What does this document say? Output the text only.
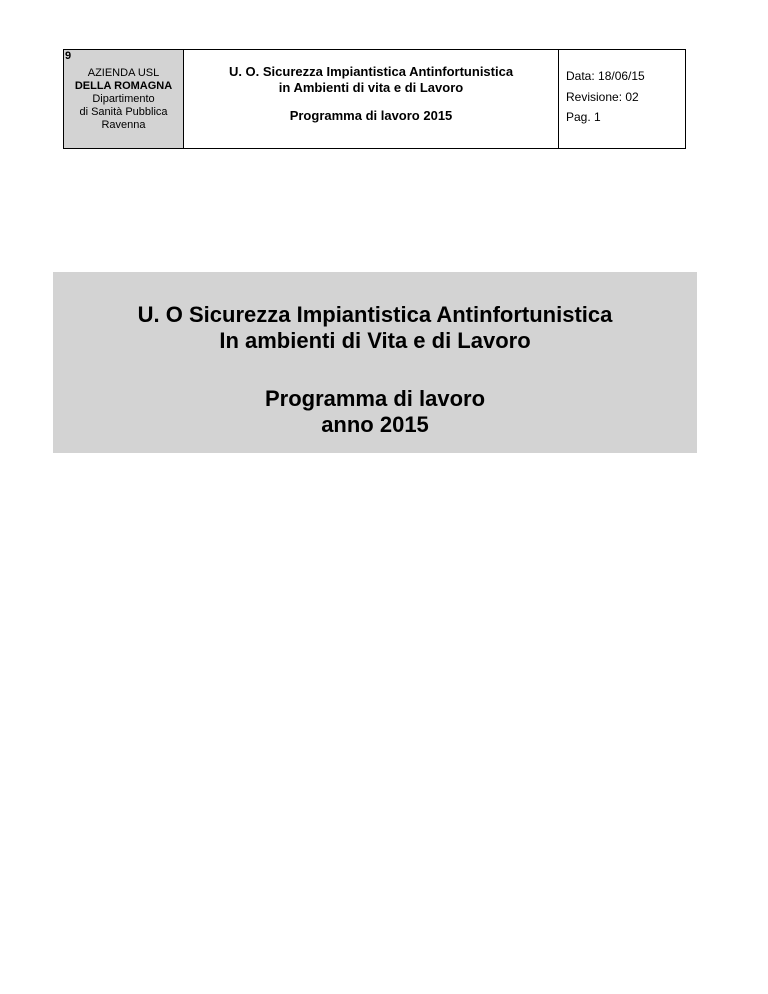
9
AZIENDA USL
DELLA ROMAGNA
Dipartimento
di Sanità Pubblica
Ravenna
U. O. Sicurezza Impiantistica Antinfortunistica
in Ambienti di vita e di Lavoro
Programma di lavoro 2015
Data: 18/06/15
Revisione: 02
Pag. 1
U. O Sicurezza Impiantistica Antinfortunistica
In ambienti di Vita e di Lavoro
Programma di lavoro
anno 2015
